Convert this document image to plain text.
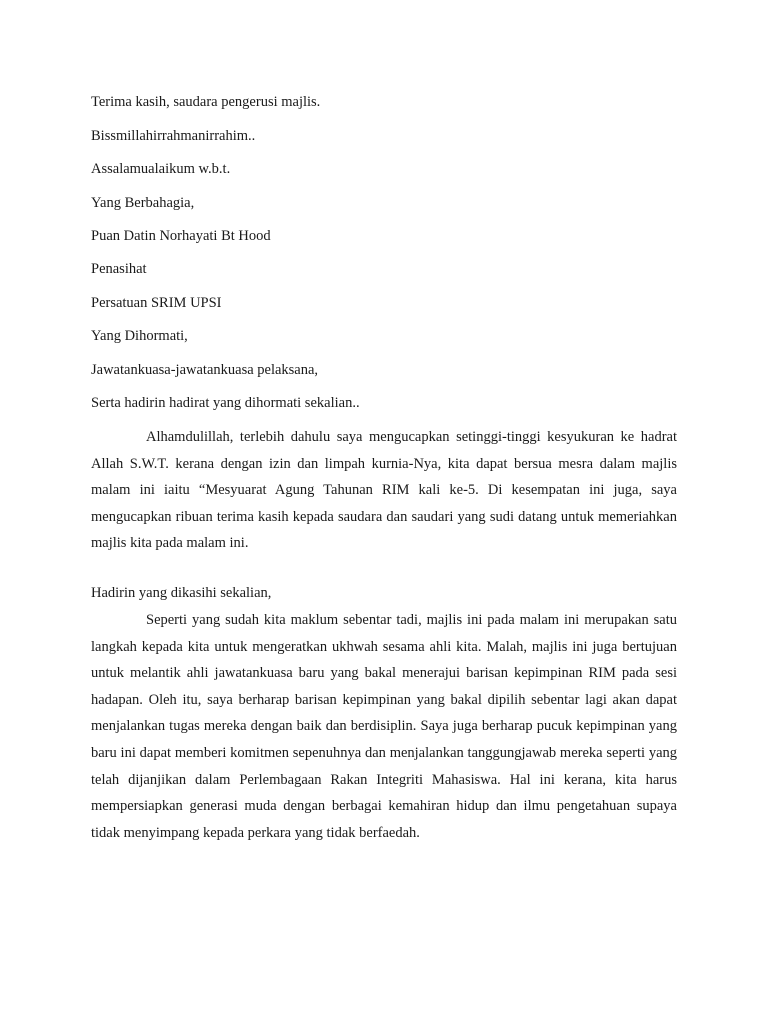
Terima kasih, saudara pengerusi majlis.

Bissmillahirrahmanirrahim..

Assalamualaikum w.b.t.

Yang Berbahagia,

Puan Datin Norhayati Bt Hood

Penasihat

Persatuan SRIM UPSI

Yang Dihormati,

Jawatankuasa-jawatankuasa pelaksana,

Serta hadirin hadirat yang dihormati sekalian..

Alhamdulillah, terlebih dahulu saya mengucapkan setinggi-tinggi kesyukuran ke hadrat Allah S.W.T. kerana dengan izin dan limpah kurnia-Nya, kita dapat bersua mesra dalam majlis malam ini iaitu “Mesyuarat Agung Tahunan RIM kali ke-5. Di kesempatan ini juga, saya mengucapkan ribuan terima kasih kepada saudara dan saudari yang sudi datang untuk memeriahkan majlis kita pada malam ini.

Hadirin yang dikasihi sekalian,

Seperti yang sudah kita maklum sebentar tadi, majlis ini pada malam ini merupakan satu langkah kepada kita untuk mengeratkan ukhwah sesama ahli kita. Malah, majlis ini juga bertujuan untuk melantik ahli jawatankuasa baru yang bakal menerajui barisan kepimpinan RIM pada sesi hadapan. Oleh itu, saya berharap barisan kepimpinan yang bakal dipilih sebentar lagi akan dapat menjalankan tugas mereka dengan baik dan berdisiplin. Saya juga berharap pucuk kepimpinan yang baru ini dapat memberi komitmen sepenuhnya dan menjalankan tanggungjawab mereka seperti yang telah dijanjikan dalam Perlembagaan Rakan Integriti Mahasiswa. Hal ini kerana, kita harus mempersiapkan generasi muda dengan berbagai kemahiran hidup dan ilmu pengetahuan supaya tidak menyimpang kepada perkara yang tidak berfaedah.
